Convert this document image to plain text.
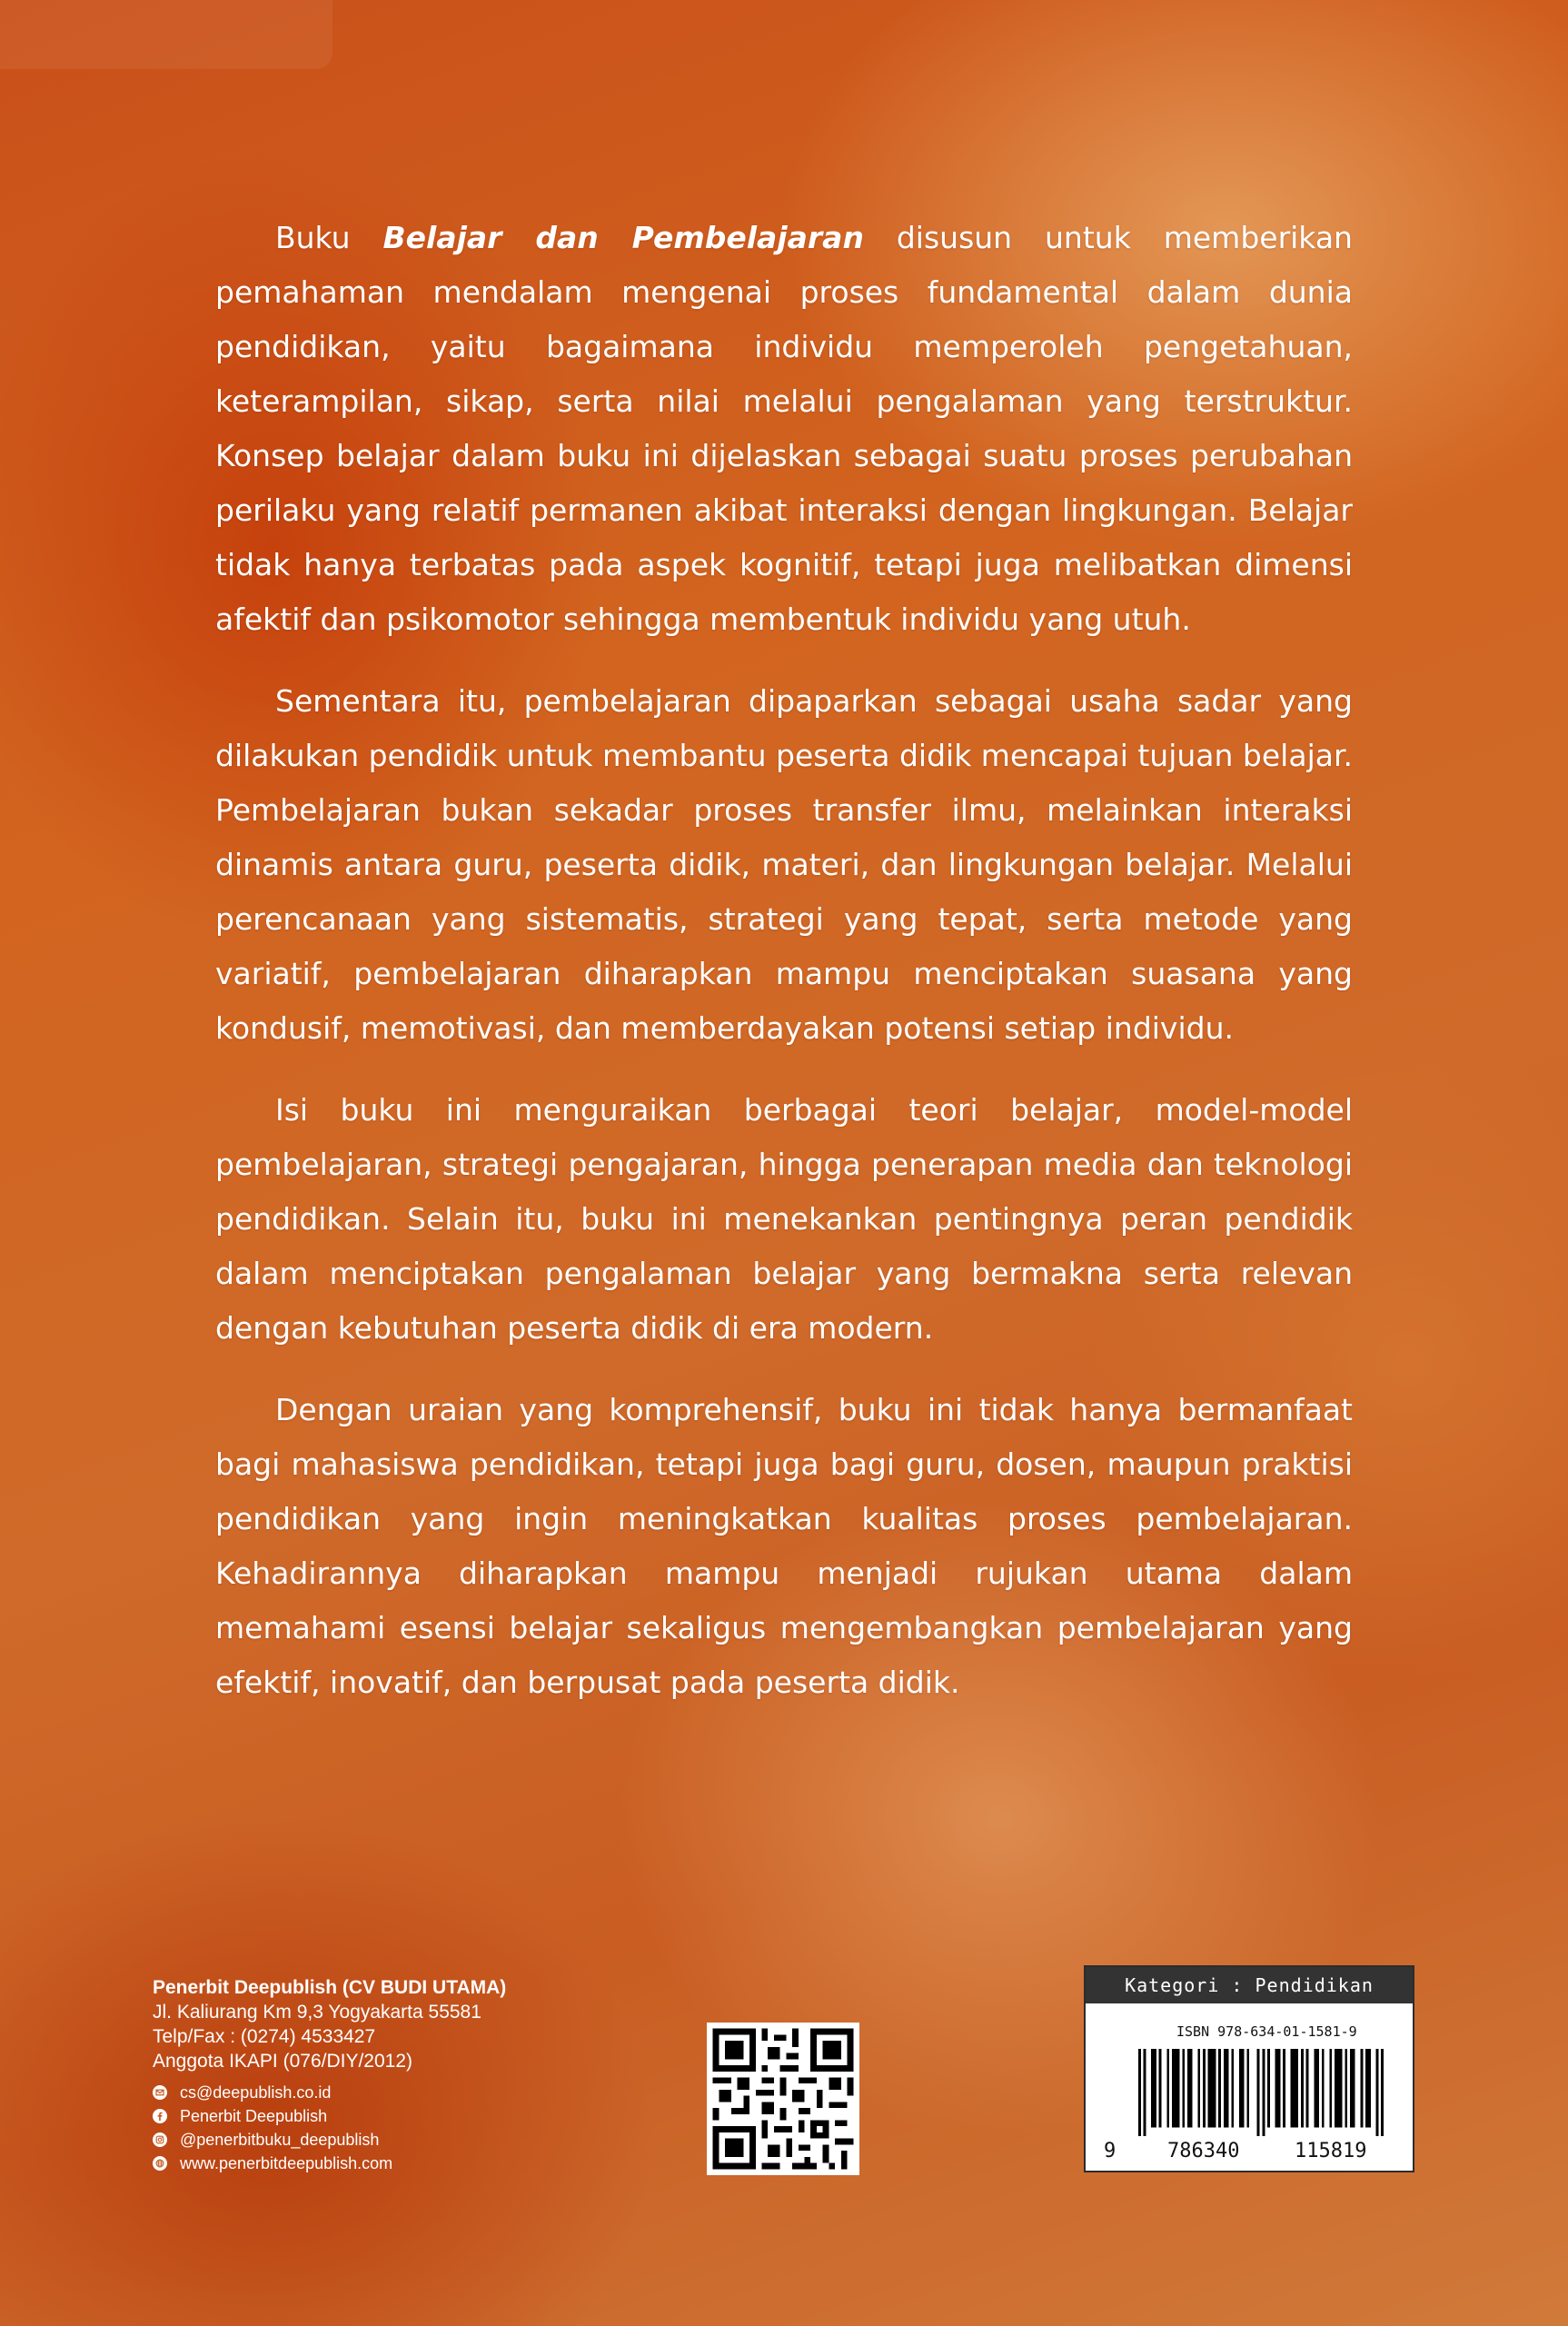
Buku Belajar dan Pembelajaran disusun untuk memberikan pemahaman mendalam mengenai proses fundamental dalam dunia pendidikan, yaitu bagaimana individu memperoleh pengetahuan, keterampilan, sikap, serta nilai melalui pengalaman yang terstruktur. Konsep belajar dalam buku ini dijelaskan sebagai suatu proses perubahan perilaku yang relatif permanen akibat interaksi dengan lingkungan. Belajar tidak hanya terbatas pada aspek kognitif, tetapi juga melibatkan dimensi afektif dan psikomotor sehingga membentuk individu yang utuh.

Sementara itu, pembelajaran dipaparkan sebagai usaha sadar yang dilakukan pendidik untuk membantu peserta didik mencapai tujuan belajar. Pembelajaran bukan sekadar proses transfer ilmu, melainkan interaksi dinamis antara guru, peserta didik, materi, dan lingkungan belajar. Melalui perencanaan yang sistematis, strategi yang tepat, serta metode yang variatif, pembelajaran diharapkan mampu menciptakan suasana yang kondusif, memotivasi, dan memberdayakan potensi setiap individu.

Isi buku ini menguraikan berbagai teori belajar, model-model pembelajaran, strategi pengajaran, hingga penerapan media dan teknologi pendidikan. Selain itu, buku ini menekankan pentingnya peran pendidik dalam menciptakan pengalaman belajar yang bermakna serta relevan dengan kebutuhan peserta didik di era modern.

Dengan uraian yang komprehensif, buku ini tidak hanya bermanfaat bagi mahasiswa pendidikan, tetapi juga bagi guru, dosen, maupun praktisi pendidikan yang ingin meningkatkan kualitas proses pembelajaran. Kehadirannya diharapkan mampu menjadi rujukan utama dalam memahami esensi belajar sekaligus mengembangkan pembelajaran yang efektif, inovatif, dan berpusat pada peserta didik.

Penerbit Deepublish (CV BUDI UTAMA)
Jl. Kaliurang Km 9,3 Yogyakarta 55581
Telp/Fax : (0274) 4533427
Anggota IKAPI (076/DIY/2012)
cs@deepublish.co.id
Penerbit Deepublish
@penerbitbuku_deepublish
www.penerbitdeepublish.com
Kategori : Pendidikan
ISBN 978-634-01-1581-9
9	786340	115819
